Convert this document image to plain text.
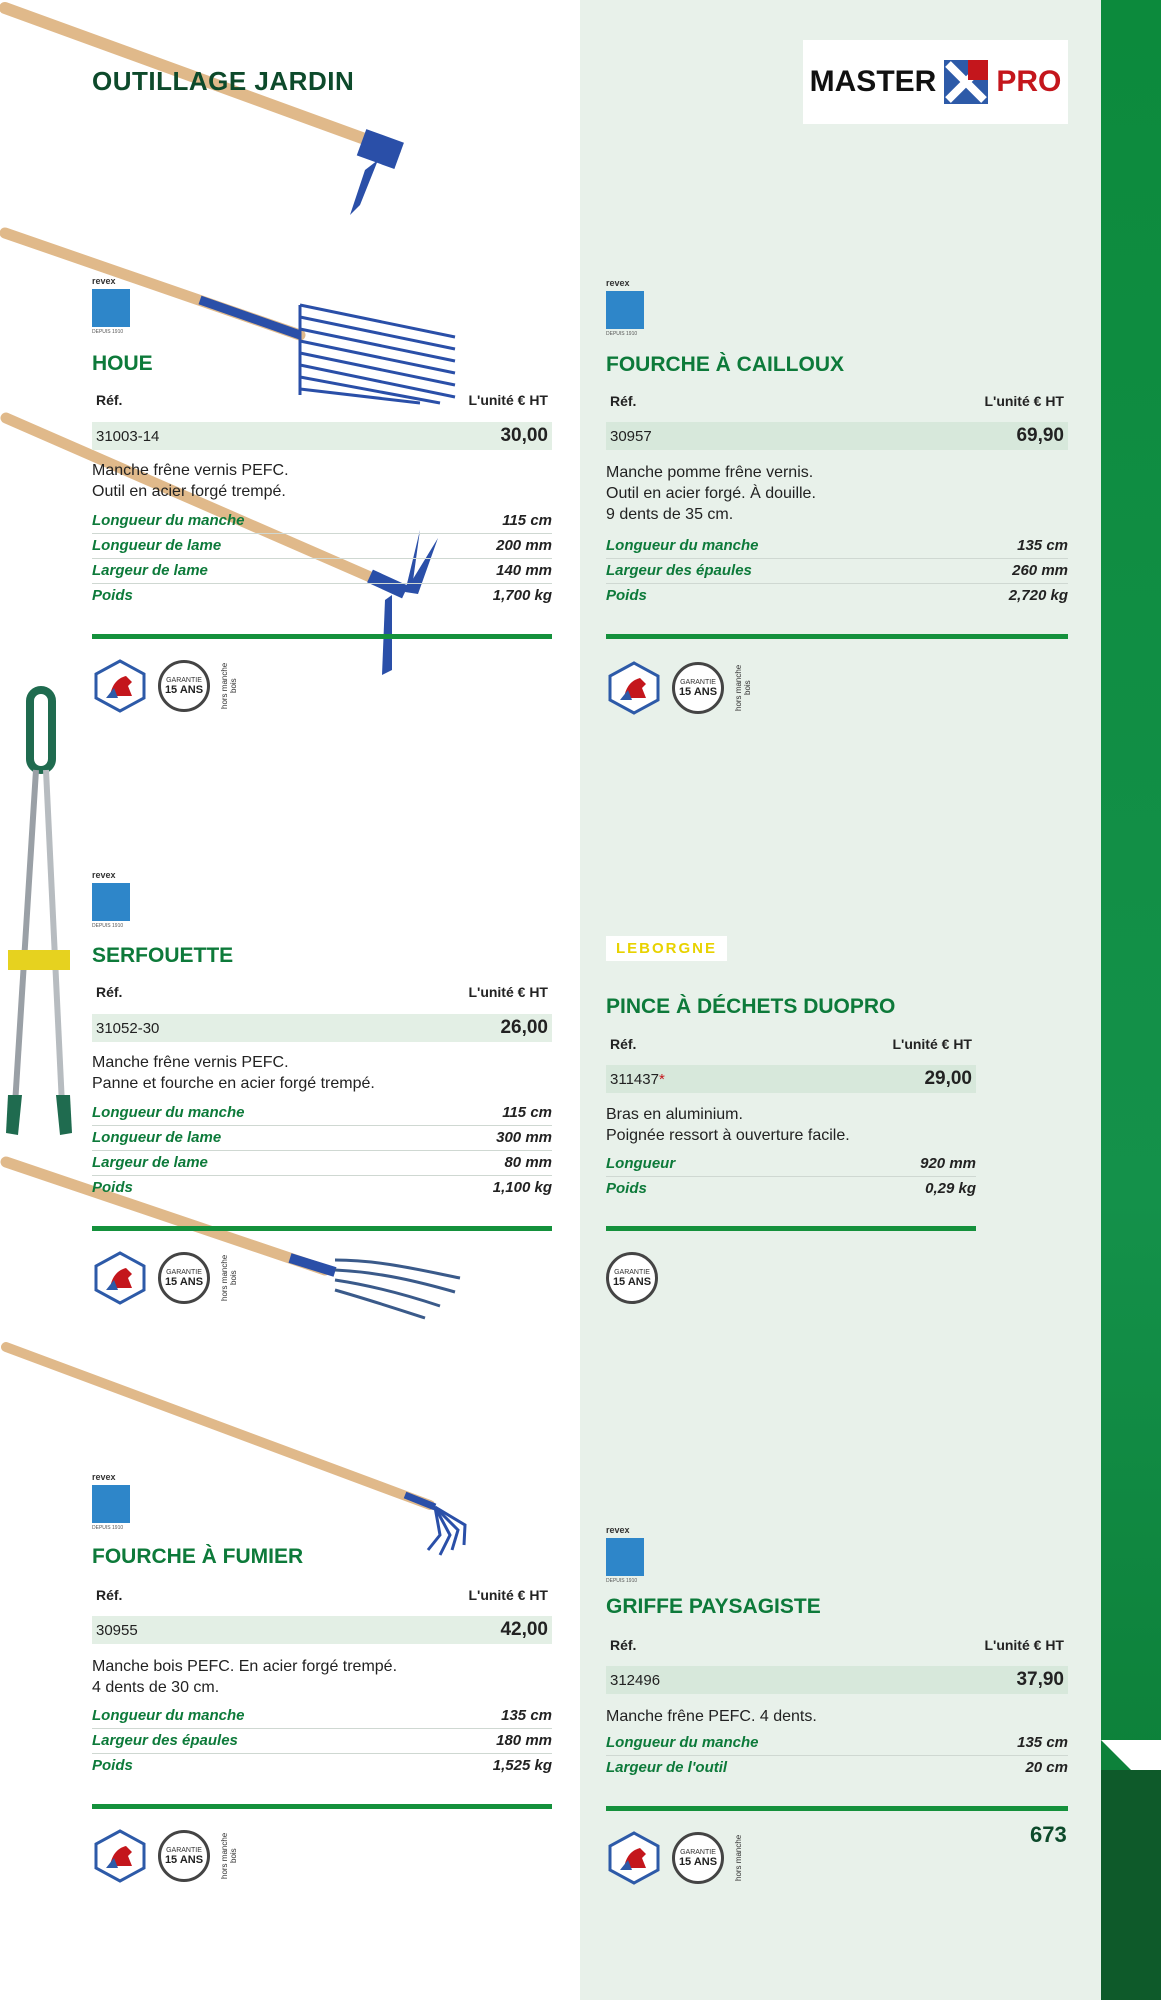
OUTILLAGE JARDIN	MASTER PRO
revex
DEPUIS 1910
HOUE
Réf.	L'unité € HT
31003-14	30,00
Manche frêne vernis PEFC.
Outil en acier forgé trempé.
Longueur du manche	115 cm
Longueur de lame	200 mm
Largeur de lame	140 mm
Poids	1,700 kg
GARANTIE
15 ANS hors manche bois
revex
DEPUIS 1910
FOURCHE À CAILLOUX
Réf.	L'unité € HT
30957	69,90
Manche pomme frêne vernis.
Outil en acier forgé. À douille.
9 dents de 35 cm.
Longueur du manche	135 cm
Largeur des épaules	260 mm
Poids	2,720 kg
GARANTIE
15 ANS hors manche bois
revex
DEPUIS 1910
SERFOUETTE
Réf.	L'unité € HT
31052-30	26,00
Manche frêne vernis PEFC.
Panne et fourche en acier forgé trempé.
Longueur du manche	115 cm
Longueur de lame	300 mm
Largeur de lame	80 mm
Poids	1,100 kg
GARANTIE
15 ANS hors manche bois
LEBORGNE
PINCE À DÉCHETS DUOPRO
Réf.	L'unité € HT
311437*	29,00
Bras en aluminium.
Poignée ressort à ouverture facile.
Longueur	920 mm
Poids	0,29 kg
GARANTIE
15 ANS
revex
DEPUIS 1910
FOURCHE À FUMIER
Réf.	L'unité € HT
30955	42,00
Manche bois PEFC. En acier forgé trempé.
4 dents de 30 cm.
Longueur du manche	135 cm
Largeur des épaules	180 mm
Poids	1,525 kg
GARANTIE
15 ANS hors manche bois
revex
DEPUIS 1910
GRIFFE PAYSAGISTE
Réf.	L'unité € HT
312496	37,90
Manche frêne PEFC. 4 dents.
Longueur du manche	135 cm
Largeur de l'outil	20 cm
GARANTIE
15 ANS hors manche
673
